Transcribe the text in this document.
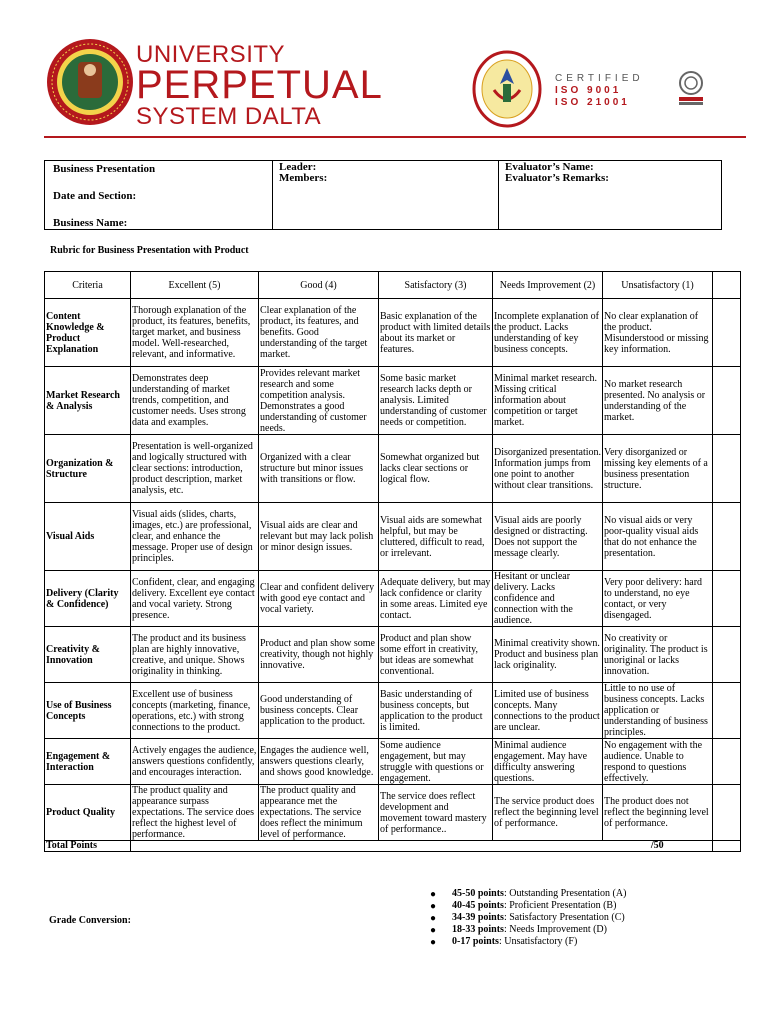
UNIVERSITY
PERPETUAL
SYSTEM DALTA
CERTIFIED
ISO 9001
ISO 21001
Business Presentation
Date and Section:
Business Name:
Leader:
Members:
Evaluator’s Name:
Evaluator’s Remarks:
Rubric for Business Presentation with Product
Criteria	Excellent (5)	Good (4)	Satisfactory (3)	Needs Improvement (2)	Unsatisfactory (1)	
Content Knowledge & Product Explanation	Thorough explanation of the product, its features, benefits, target market, and business model. Well-researched, relevant, and informative.	Clear explanation of the product, its features, and benefits. Good understanding of the target market.	Basic explanation of the product with limited details about its market or features.	Incomplete explanation of the product. Lacks understanding of key business concepts.	No clear explanation of the product. Misunderstood or missing key information.	
Market Research & Analysis	Demonstrates deep understanding of market trends, competition, and customer needs. Uses strong data and examples.	Provides relevant market research and some competition analysis. Demonstrates a good understanding of customer needs.	Some basic market research lacks depth or analysis. Limited understanding of customer needs or competition.	Minimal market research. Missing critical information about competition or target market.	No market research presented. No analysis or understanding of the market.	
Organization & Structure	Presentation is well-organized and logically structured with clear sections: introduction, product description, market analysis, etc.	Organized with a clear structure but minor issues with transitions or flow.	Somewhat organized but lacks clear sections or logical flow.	Disorganized presentation. Information jumps from one point to another without clear transitions.	Very disorganized or missing key elements of a business presentation structure.	
Visual Aids	Visual aids (slides, charts, images, etc.) are professional, clear, and enhance the message. Proper use of design principles.	Visual aids are clear and relevant but may lack polish or minor design issues.	Visual aids are somewhat helpful, but may be cluttered, difficult to read, or irrelevant.	Visual aids are poorly designed or distracting. Does not support the message clearly.	No visual aids or very poor-quality visual aids that do not enhance the presentation.	
Delivery (Clarity & Confidence)	Confident, clear, and engaging delivery. Excellent eye contact and vocal variety. Strong presence.	Clear and confident delivery with good eye contact and vocal variety.	Adequate delivery, but may lack confidence or clarity in some areas. Limited eye contact.	Hesitant or unclear delivery. Lacks confidence and connection with the audience.	Very poor delivery: hard to understand, no eye contact, or very disengaged.	
Creativity & Innovation	The product and its business plan are highly innovative, creative, and unique. Shows originality in thinking.	Product and plan show some creativity, though not highly innovative.	Product and plan show some effort in creativity, but ideas are somewhat conventional.	Minimal creativity shown. Product and business plan lack originality.	No creativity or originality. The product is unoriginal or lacks innovation.	
Use of Business Concepts	Excellent use of business concepts (marketing, finance, operations, etc.) with strong connections to the product.	Good understanding of business concepts. Clear application to the product.	Basic understanding of business concepts, but application to the product is limited.	Limited use of business concepts. Many connections to the product are unclear.	Little to no use of business concepts. Lacks application or understanding of business principles.	
Engagement & Interaction	Actively engages the audience, answers questions confidently, and encourages interaction.	Engages the audience well, answers questions clearly, and shows good knowledge.	Some audience engagement, but may struggle with questions or engagement.	Minimal audience engagement. May have difficulty answering questions.	No engagement with the audience. Unable to respond to questions effectively.	
Product Quality	The product quality and appearance surpass expectations. The service does reflect the highest level of performance.	The product quality and appearance met the expectations. The service does reflect the minimum level of performance.	The service does reflect development and movement toward mastery of performance..	The service product does reflect the beginning level of performance.	The product does not reflect the beginning level of performance.	
Total Points					/50	
Grade Conversion:
● 45-50 points: Outstanding Presentation (A)
● 40-45 points: Proficient Presentation (B)
● 34-39 points: Satisfactory Presentation (C)
● 18-33 points: Needs Improvement (D)
● 0-17 points: Unsatisfactory (F)
